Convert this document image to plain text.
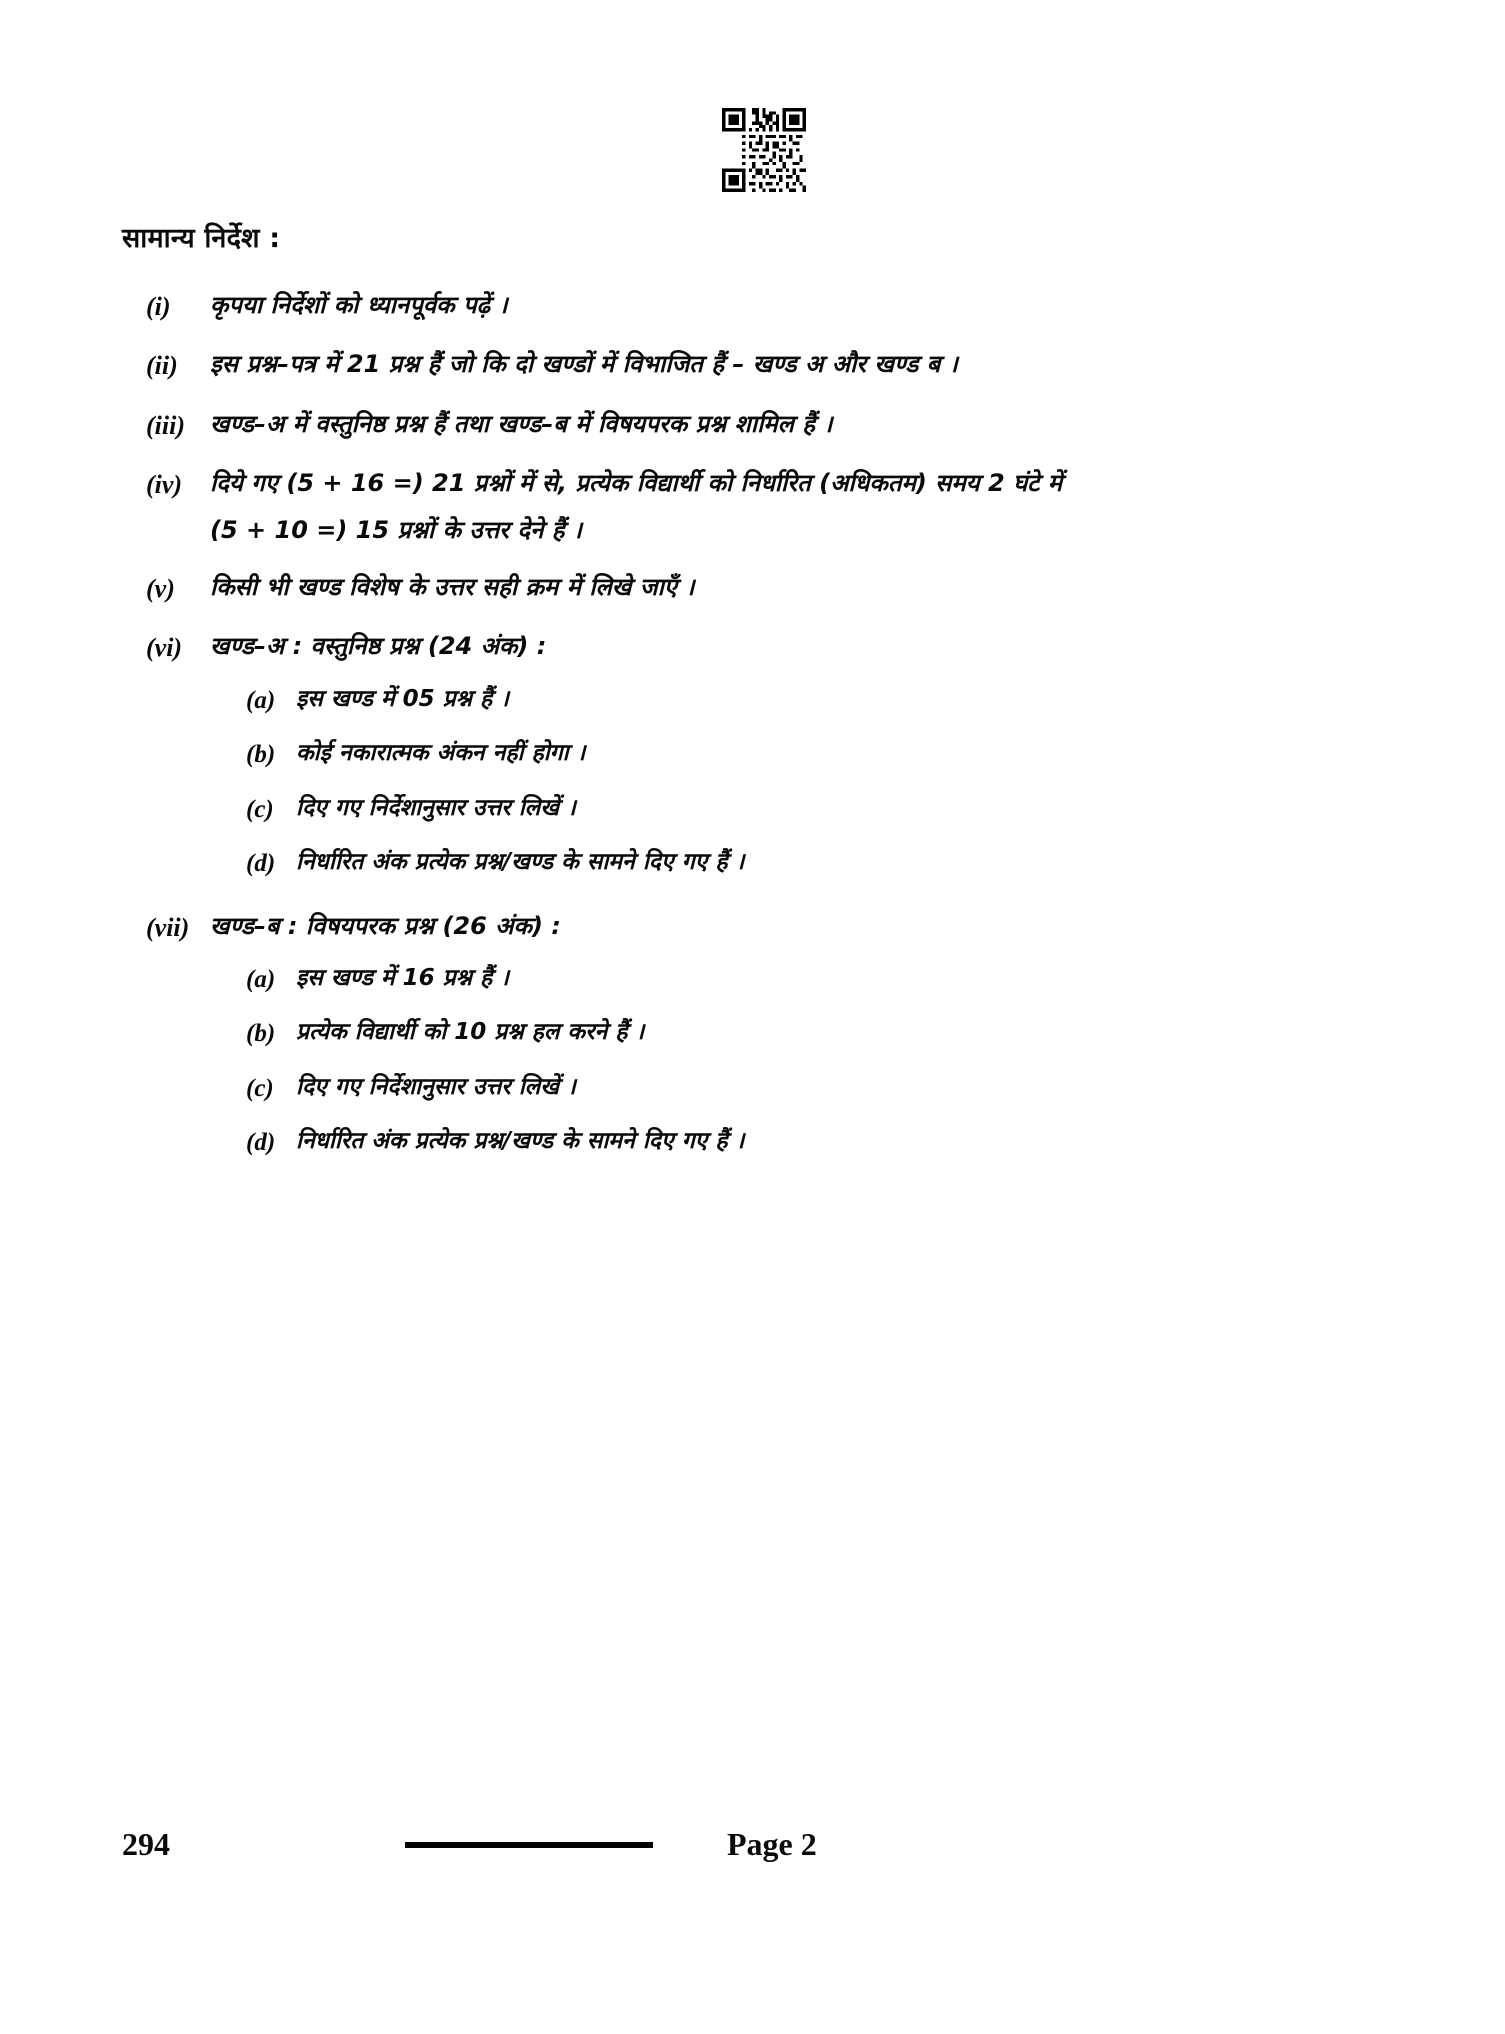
सामान्य निर्देश :
(i)	कृपया निर्देशों को ध्यानपूर्वक पढ़ें ।
(ii)	इस प्रश्न–पत्र में 21 प्रश्न हैं जो कि दो खण्डों में विभाजित हैं – खण्ड अ और खण्ड ब ।
(iii)	खण्ड–अ में वस्तुनिष्ठ प्रश्न हैं तथा खण्ड–ब में विषयपरक प्रश्न शामिल हैं ।
(iv)	दिये गए (5 + 16 =) 21 प्रश्नों में से, प्रत्येक विद्यार्थी को निर्धारित (अधिकतम) समय 2 घंटे में
(5 + 10 =) 15 प्रश्नों के उत्तर देने हैं ।
(v)	किसी भी खण्ड विशेष के उत्तर सही क्रम में लिखे जाएँ ।
(vi)	खण्ड–अ : वस्तुनिष्ठ प्रश्न (24 अंक) :
(a) इस खण्ड में 05 प्रश्न हैं ।
(b) कोई नकारात्मक अंकन नहीं होगा ।
(c) दिए गए निर्देशानुसार उत्तर लिखें ।
(d) निर्धारित अंक प्रत्येक प्रश्न/खण्ड के सामने दिए गए हैं ।
(vii) खण्ड–ब : विषयपरक प्रश्न (26 अंक) :
(a) इस खण्ड में 16 प्रश्न हैं ।
(b) प्रत्येक विद्यार्थी को 10 प्रश्न हल करने हैं ।
(c) दिए गए निर्देशानुसार उत्तर लिखें ।
(d) निर्धारित अंक प्रत्येक प्रश्न/खण्ड के सामने दिए गए हैं ।
294	Page 2
